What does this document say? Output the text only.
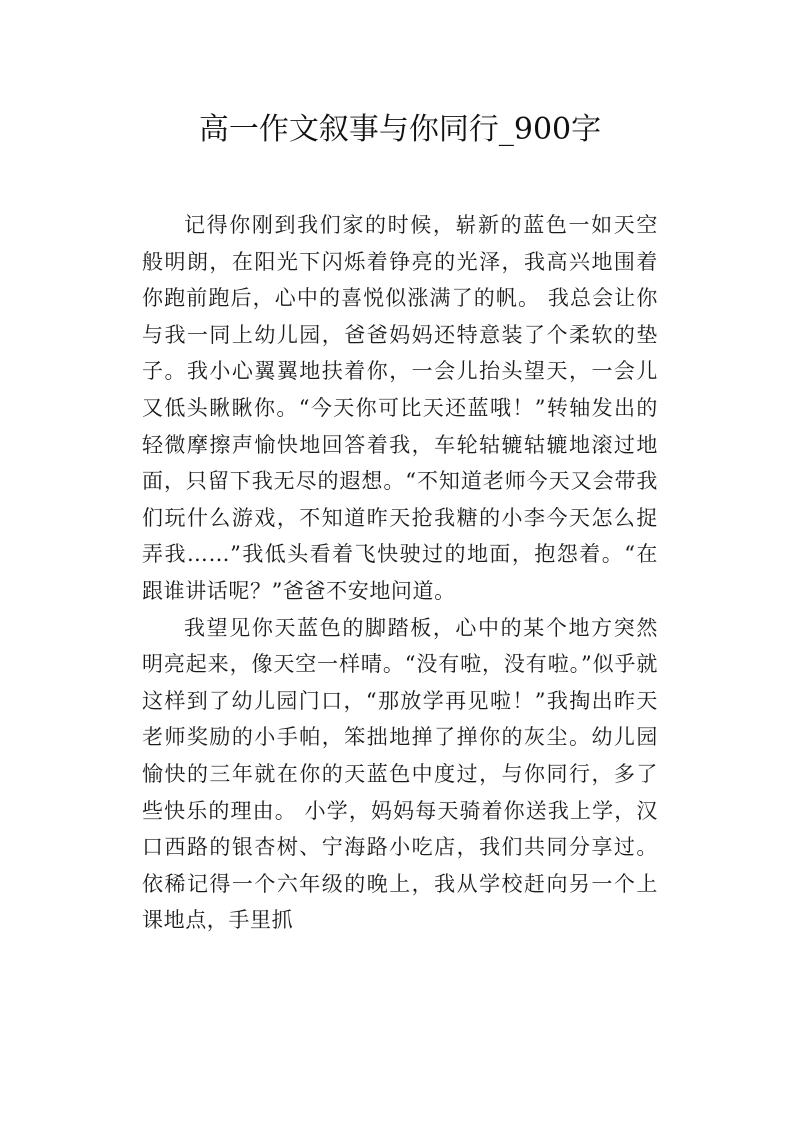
高一作文叙事与你同行_900字

记得你刚到我们家的时候，崭新的蓝色一如天空般明朗，在阳光下闪烁着铮亮的光泽，我高兴地围着你跑前跑后，心中的喜悦似涨满了的帆。 我总会让你与我一同上幼儿园，爸爸妈妈还特意装了个柔软的垫子。我小心翼翼地扶着你，一会儿抬头望天，一会儿又低头瞅瞅你。“今天你可比天还蓝哦！”转轴发出的轻微摩擦声愉快地回答着我，车轮轱辘轱辘地滚过地面，只留下我无尽的遐想。“不知道老师今天又会带我们玩什么游戏，不知道昨天抢我糖的小李今天怎么捉弄我……”我低头看着飞快驶过的地面，抱怨着。“在跟谁讲话呢？”爸爸不安地问道。

我望见你天蓝色的脚踏板，心中的某个地方突然明亮起来，像天空一样晴。“没有啦，没有啦。”似乎就这样到了幼儿园门口，“那放学再见啦！”我掏出昨天老师奖励的小手帕，笨拙地掸了掸你的灰尘。幼儿园愉快的三年就在你的天蓝色中度过，与你同行，多了些快乐的理由。 小学，妈妈每天骑着你送我上学，汉口西路的银杏树、宁海路小吃店，我们共同分享过。依稀记得一个六年级的晚上，我从学校赶向另一个上课地点，手里抓
